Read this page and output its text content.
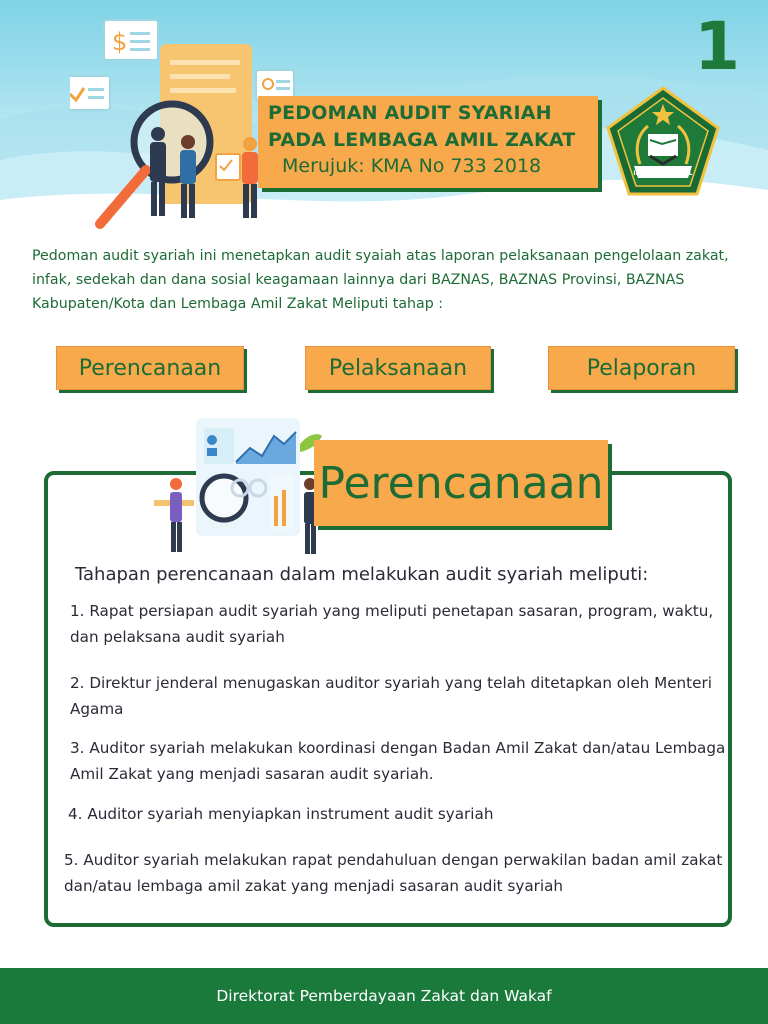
$	1
PEDOMAN AUDIT SYARIAH
PADA LEMBAGA AMIL ZAKAT
Merujuk: KMA No 733 2018	IKHLAS BERAMAL
Pedoman audit syariah ini menetapkan audit syaiah atas laporan pelaksanaan pengelolaan zakat, infak, sedekah dan dana sosial keagamaan lainnya dari BAZNAS, BAZNAS Provinsi, BAZNAS Kabupaten/Kota dan Lembaga Amil Zakat Meliputi tahap :
Perencanaan	Pelaksanaan	Pelaporan
Perencanaan
Tahapan perencanaan dalam melakukan audit syariah meliputi:
1. Rapat persiapan audit syariah yang meliputi penetapan sasaran, program, waktu, dan pelaksana audit syariah
2. Direktur jenderal menugaskan auditor syariah yang telah ditetapkan oleh Menteri Agama
3. Auditor syariah melakukan koordinasi dengan Badan Amil Zakat dan/atau Lembaga Amil Zakat yang menjadi sasaran audit syariah.
4. Auditor syariah menyiapkan instrument audit syariah
5. Auditor syariah melakukan rapat pendahuluan dengan perwakilan badan amil zakat dan/atau lembaga amil zakat yang menjadi sasaran audit syariah
Direktorat Pemberdayaan Zakat dan Wakaf
